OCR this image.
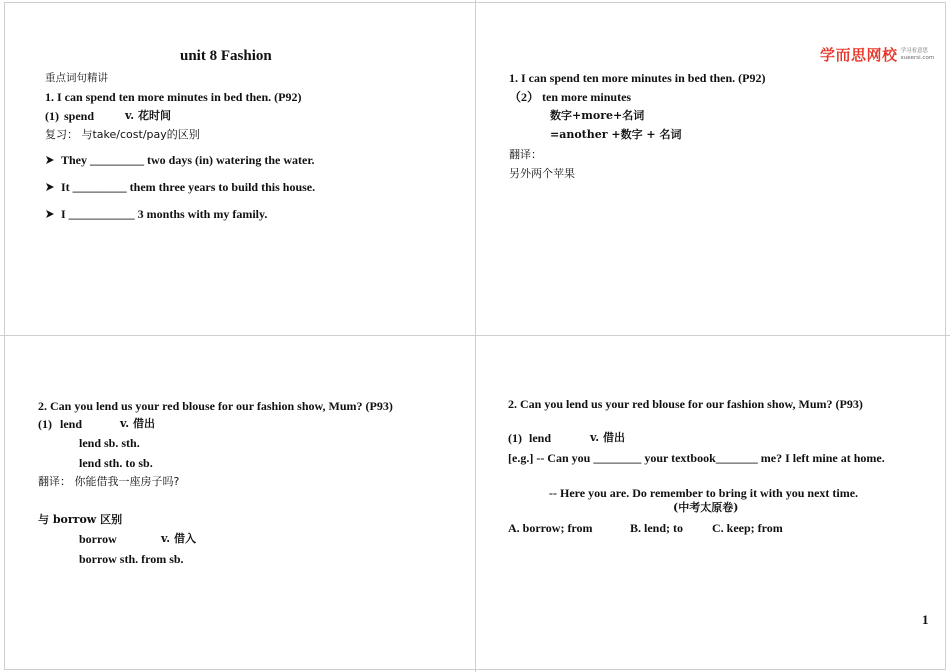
unit 8 Fashion
重点词句精讲
1. I can spend ten more minutes in bed then. (P92)
(1) spend	v. 花时间
复习： 与take/cost/pay的区别
They _________ two days (in) watering the water.
It _________ them three years to build this house.
I ___________ 3 months with my family.
学而思网校 学习看意思
xueersi.com
1. I can spend ten more minutes in bed then. (P92)
（2） ten more minutes
数字+more+名词
=another +数字 + 名词
翻译：
另外两个苹果
2. Can you lend us your red blouse for our fashion show, Mum? (P93)
(1) lend	v. 借出
lend sb. sth.
lend sth. to sb.
翻译： 你能借我一座房子吗?
与 borrow 区别
borrow	v. 借入
borrow sth. from sb.
2. Can you lend us your red blouse for our fashion show, Mum? (P93)
(1) lend	v. 借出
[e.g.] -- Can you ________ your textbook_______ me? I left mine at home.
-- Here you are. Do remember to bring it with you next time.
(中考太原卷)
A. borrow; from	B. lend; to C. keep; from
1
